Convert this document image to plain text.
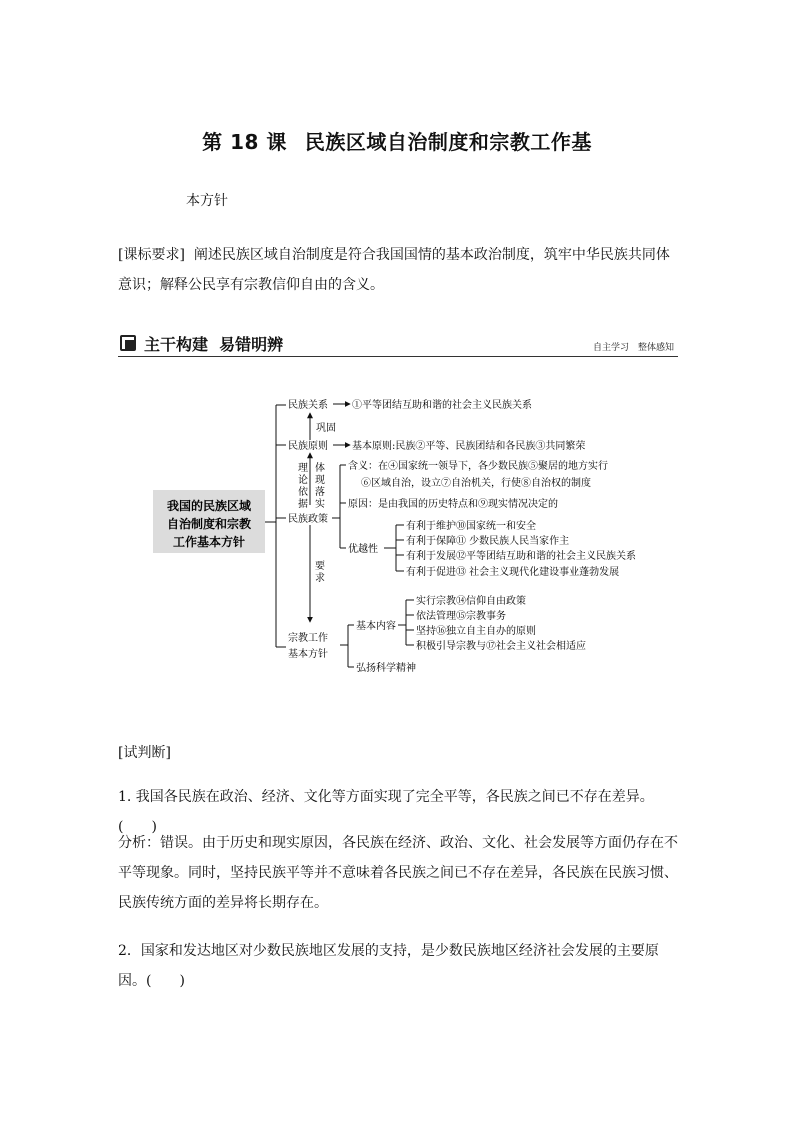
第 18 课 民族区域自治制度和宗教工作基
本方针
[课标要求] 阐述民族区域自治制度是符合我国国情的基本政治制度，筑牢中华民族共同体意识；解释公民享有宗教信仰自由的含义。
主干构建  易错明辨	自主学习　整体感知
我国的民族区域
自治制度和宗教
工作基本方针
民族关系 ①平等团结互助和谐的社会主义民族关系
巩固
民族原则 基本原则:民族②平等、民族团结和各民族③共同繁荣
理
论
依
据
体
现
落
实
要
求
民族政策
含义：在④国家统一领导下，各少数民族⑤聚居的地方实行
⑥区域自治，设立⑦自治机关，行使⑧自治权的制度
原因：是由我国的历史特点和⑨现实情况决定的
优越性
有利于维护⑩国家统一和安全
有利于保障⑪ 少数民族人民当家作主
有利于发展⑫平等团结互助和谐的社会主义民族关系
有利于促进⑬ 社会主义现代化建设事业蓬勃发展
宗教工作
基本方针
基本内容
实行宗教⑭信仰自由政策
依法管理⑮宗教事务
坚持⑯独立自主自办的原则
积极引导宗教与⑰社会主义社会相适应
弘扬科学精神
[试判断]
1. 我国各民族在政治、经济、文化等方面实现了完全平等，各民族之间已不存在差异。(　　)
分析：错误。由于历史和现实原因，各民族在经济、政治、文化、社会发展等方面仍存在不平等现象。同时，坚持民族平等并不意味着各民族之间已不存在差异，各民族在民族习惯、民族传统方面的差异将长期存在。
2．国家和发达地区对少数民族地区发展的支持，是少数民族地区经济社会发展的主要原因。(　　)
